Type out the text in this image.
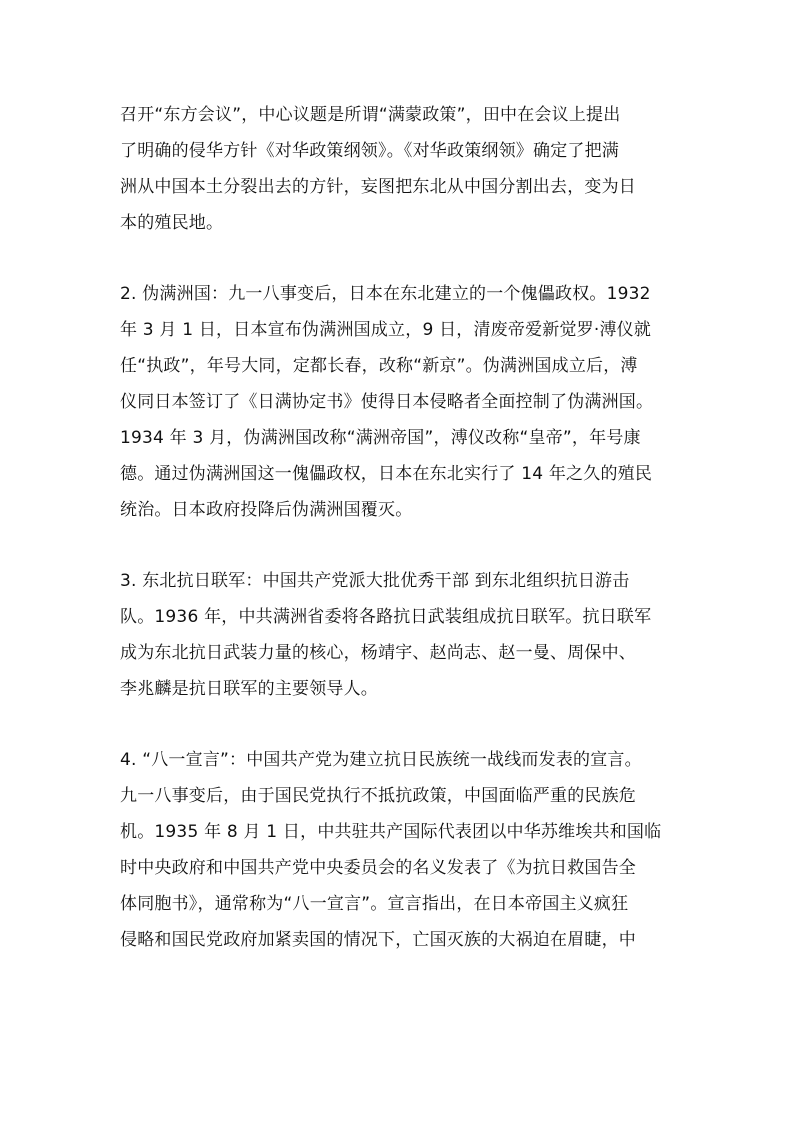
召开“东方会议”，中心议题是所谓“满蒙政策”，田中在会议上提出
了明确的侵华方针《对华政策纲领》。《对华政策纲领》确定了把满
洲从中国本土分裂出去的方针，妄图把东北从中国分割出去，变为日
本的殖民地。
2. 伪满洲国：九一八事变后，日本在东北建立的一个傀儡政权。1932
年 3 月 1 日，日本宣布伪满洲国成立，9 日，清废帝爱新觉罗·溥仪就
任“执政”，年号大同，定都长春，改称“新京”。伪满洲国成立后，溥
仪同日本签订了《日满协定书》使得日本侵略者全面控制了伪满洲国。
1934 年 3 月，伪满洲国改称“满洲帝国”，溥仪改称“皇帝”，年号康
德。通过伪满洲国这一傀儡政权，日本在东北实行了 14 年之久的殖民
统治。日本政府投降后伪满洲国覆灭。
3. 东北抗日联军：中国共产党派大批优秀干部 到东北组织抗日游击
队。1936 年，中共满洲省委将各路抗日武装组成抗日联军。抗日联军
成为东北抗日武装力量的核心，杨靖宇、赵尚志、赵一曼、周保中、
李兆麟是抗日联军的主要领导人。
4. “八一宣言”：中国共产党为建立抗日民族统一战线而发表的宣言。
九一八事变后，由于国民党执行不抵抗政策，中国面临严重的民族危
机。1935 年 8 月 1 日，中共驻共产国际代表团以中华苏维埃共和国临
时中央政府和中国共产党中央委员会的名义发表了《为抗日救国告全
体同胞书》，通常称为“八一宣言”。宣言指出，在日本帝国主义疯狂
侵略和国民党政府加紧卖国的情况下，亡国灭族的大祸迫在眉睫，中
